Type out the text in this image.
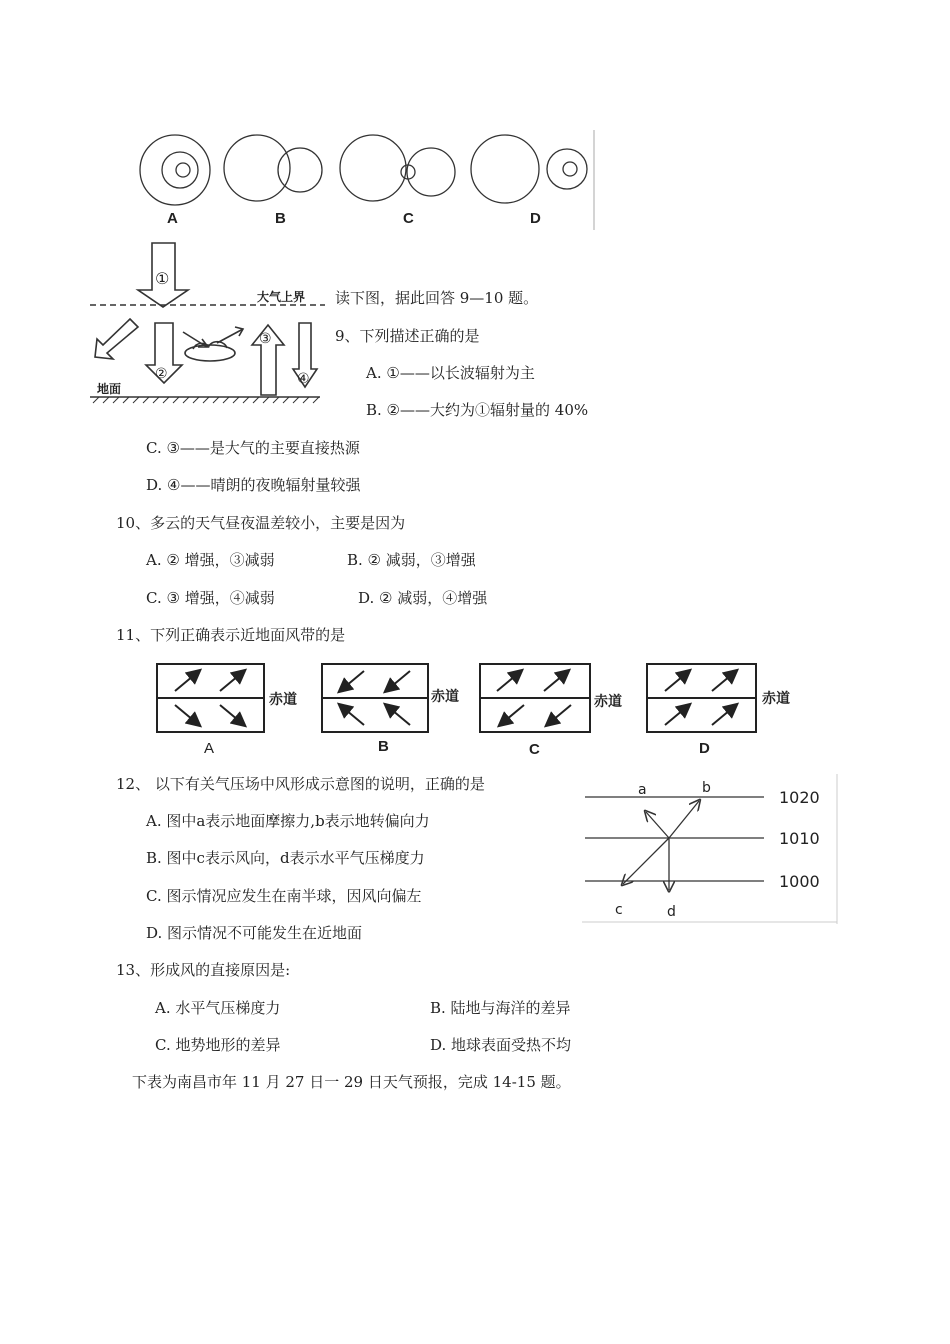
A	B	C	D
①
②
③
④
大气上界
地面
读下图，据此回答 9—10 题。
9、下列描述正确的是
A. ①——以长波辐射为主
B. ②——大约为①辐射量的 40%
C. ③——是大气的主要直接热源
D. ④——晴朗的夜晚辐射量较强
10、多云的天气昼夜温差较小，主要是因为
A. ② 增强，③减弱	B. ② 减弱，③增强
C. ③ 增强，④减弱	D. ② 减弱，④增强
11、下列正确表示近地面风带的是
赤道	赤道	赤道	赤道
A	B	C	D
12、 以下有关气压场中风形成示意图的说明，正确的是
A. 图中a表示地面摩擦力,b表示地转偏向力
B. 图中c表示风向，d表示水平气压梯度力
C. 图示情况应发生在南半球，因风向偏左
D. 图示情况不可能发生在近地面
1020
1010
1000
a	b
c	d
13、形成风的直接原因是:
A. 水平气压梯度力	B. 陆地与海洋的差异
C. 地势地形的差异	D. 地球表面受热不均
下表为南昌市年 11 月 27 日一 29 日天气预报，完成 14-15 题。
